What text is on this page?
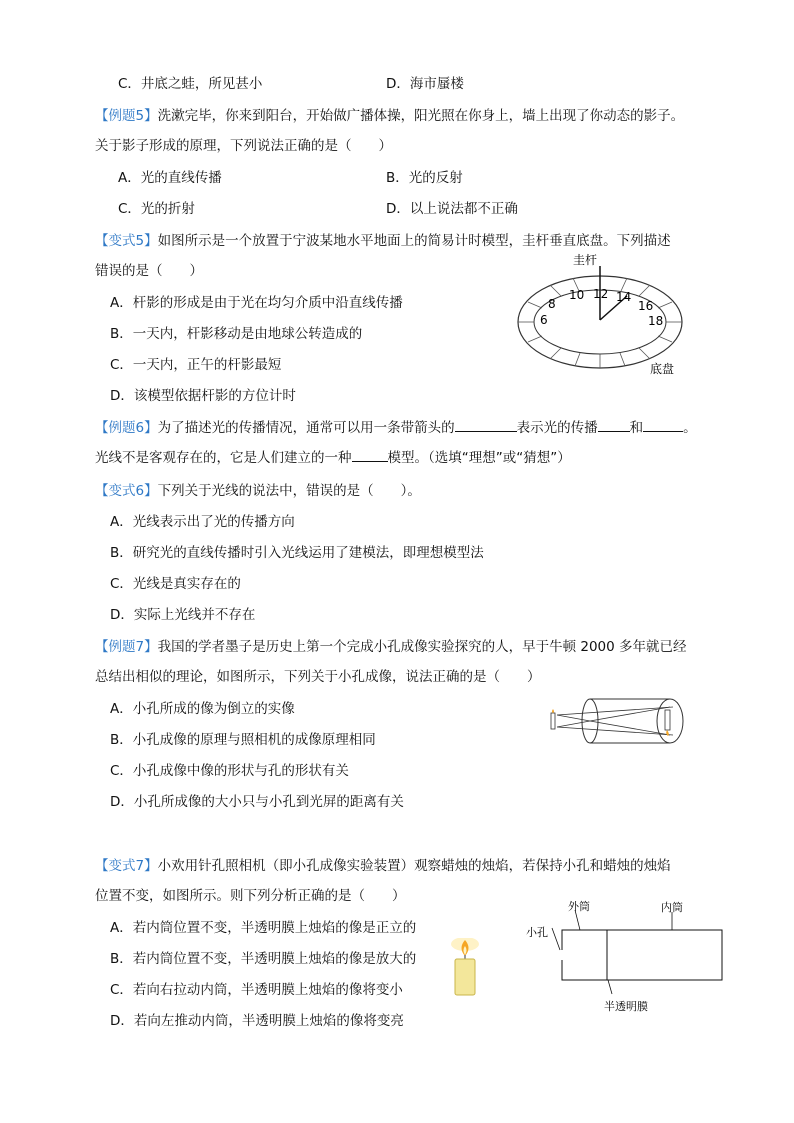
C．井底之蛙，所见甚小	D．海市蜃楼
【例题5】洗漱完毕，你来到阳台，开始做广播体操，阳光照在你身上，墙上出现了你动态的影子。
关于影子形成的原理，下列说法正确的是（　　）
A．光的直线传播	B．光的反射
C．光的折射	D．以上说法都不正确
【变式5】如图所示是一个放置于宁波某地水平地面上的简易计时模型，圭杆垂直底盘。下列描述
错误的是（　　）
A．杆影的形成是由于光在均匀介质中沿直线传播
B．一天内，杆影移动是由地球公转造成的
C．一天内，正午的杆影最短
D．该模型依据杆影的方位计时
圭杆
底盘
6
8
10 12 14
16
18
【例题6】为了描述光的传播情况，通常可以用一条带箭头的	表示光的传播 和	。
光线不是客观存在的，它是人们建立的一种	模型。（选填“理想”或“猜想”）
【变式6】下列关于光线的说法中，错误的是（　　）。
A．光线表示出了光的传播方向
B．研究光的直线传播时引入光线运用了建模法，即理想模型法
C．光线是真实存在的
D．实际上光线并不存在
【例题7】我国的学者墨子是历史上第一个完成小孔成像实验探究的人，早于牛顿 2000 多年就已经
总结出相似的理论，如图所示，下列关于小孔成像，说法正确的是（　　）
A．小孔所成的像为倒立的实像
B．小孔成像的原理与照相机的成像原理相同
C．小孔成像中像的形状与孔的形状有关
D．小孔所成像的大小只与小孔到光屏的距离有关
【变式7】小欢用针孔照相机（即小孔成像实验装置）观察蜡烛的烛焰，若保持小孔和蜡烛的烛焰
位置不变，如图所示。则下列分析正确的是（　　）
A．若内筒位置不变，半透明膜上烛焰的像是正立的
B．若内筒位置不变，半透明膜上烛焰的像是放大的
C．若向右拉动内筒，半透明膜上烛焰的像将变小
D．若向左推动内筒，半透明膜上烛焰的像将变亮
小孔
外筒	内筒
半透明膜
